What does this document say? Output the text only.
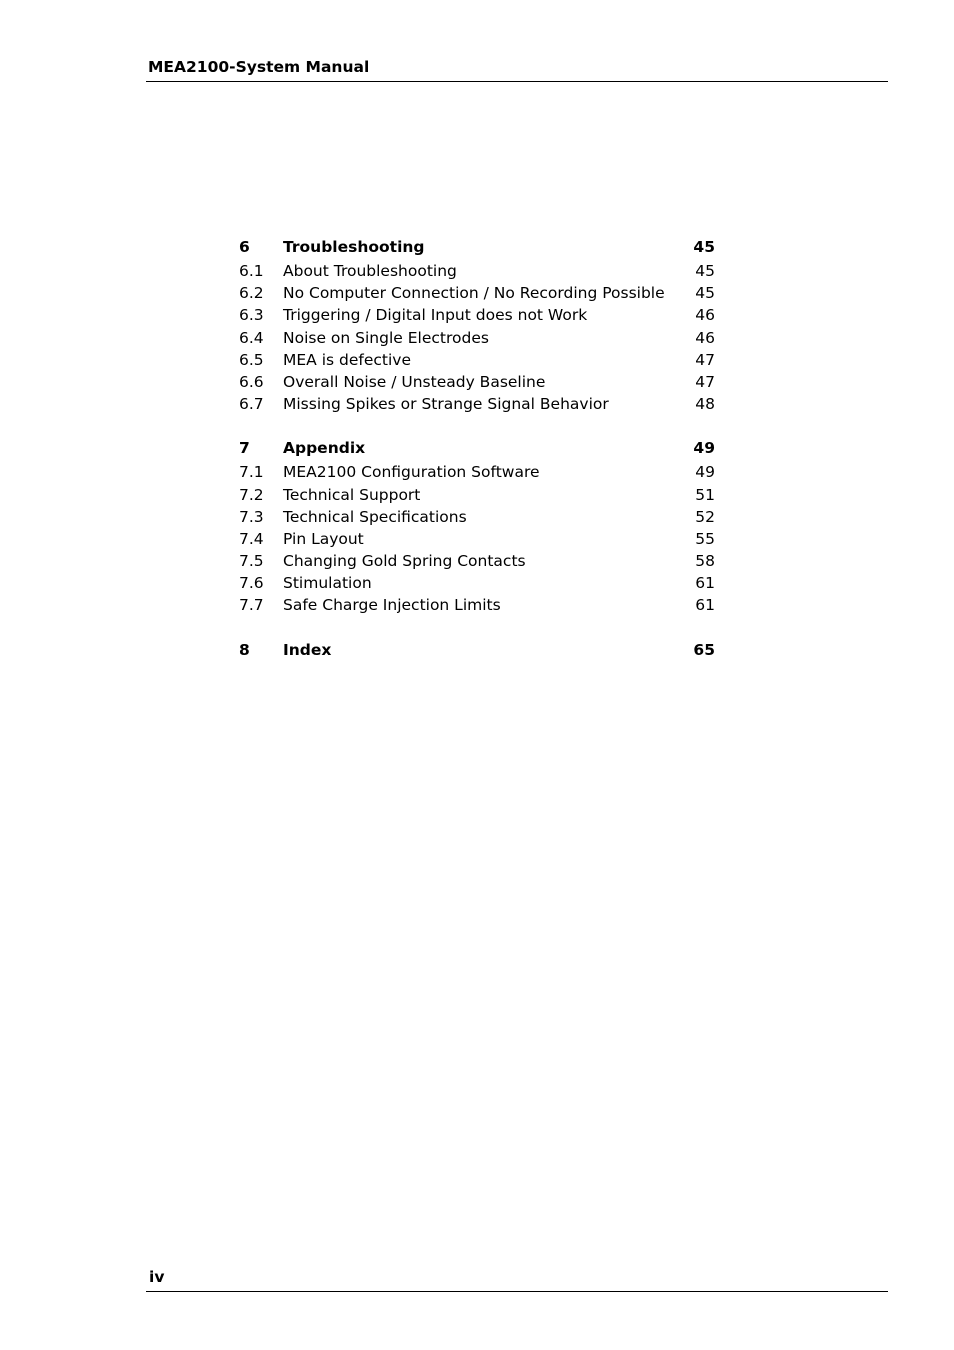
MEA2100-System Manual
6 Troubleshooting	45
6.1 About Troubleshooting	45
6.2 No Computer Connection / No Recording Possible 45
6.3 Triggering / Digital Input does not Work	46
6.4 Noise on Single Electrodes	46
6.5 MEA is defective	47
6.6 Overall Noise / Unsteady Baseline	47
6.7 Missing Spikes or Strange Signal Behavior	48
7 Appendix	49
7.1 MEA2100 Configuration Software	49
7.2 Technical Support	51
7.3 Technical Specifications	52
7.4 Pin Layout	55
7.5 Changing Gold Spring Contacts	58
7.6 Stimulation	61
7.7 Safe Charge Injection Limits	61
8 Index	65
iv
